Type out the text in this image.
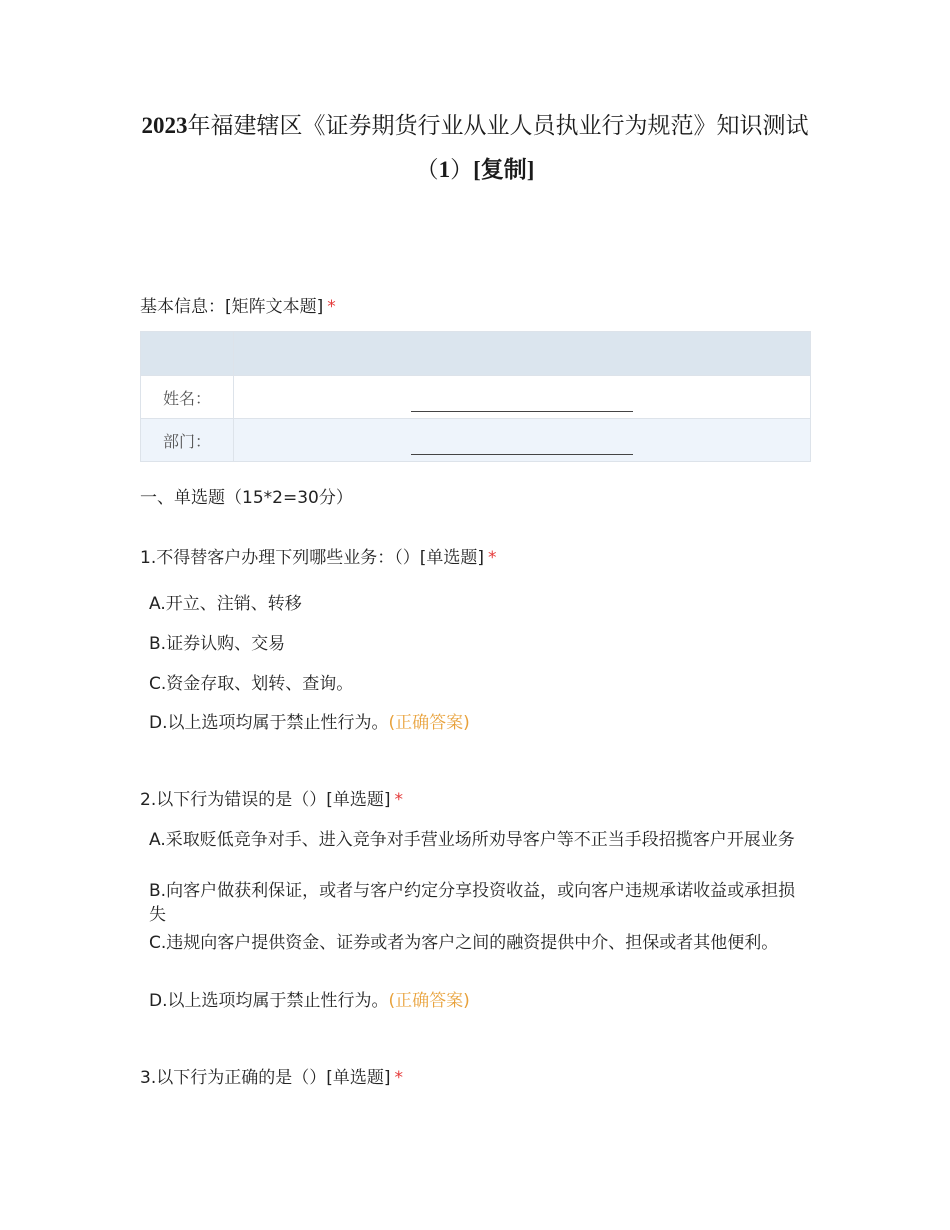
2023年福建辖区《证券期货行业从业人员执业行为规范》知识测试（1）[复制]
基本信息：[矩阵文本题] *

姓名：	

部门：	
一、单选题（15*2=30分）
1.不得替客户办理下列哪些业务：（）[单选题] *
A.开立、注销、转移
B.证券认购、交易
C.资金存取、划转、查询。
D.以上选项均属于禁止性行为。(正确答案)
2.以下行为错误的是（）[单选题] *
A.采取贬低竞争对手、进入竞争对手营业场所劝导客户等不正当手段招揽客户开展业务
B.向客户做获利保证，或者与客户约定分享投资收益，或向客户违规承诺收益或承担损失
C.违规向客户提供资金、证券或者为客户之间的融资提供中介、担保或者其他便利。
D.以上选项均属于禁止性行为。(正确答案)
3.以下行为正确的是（）[单选题] *
